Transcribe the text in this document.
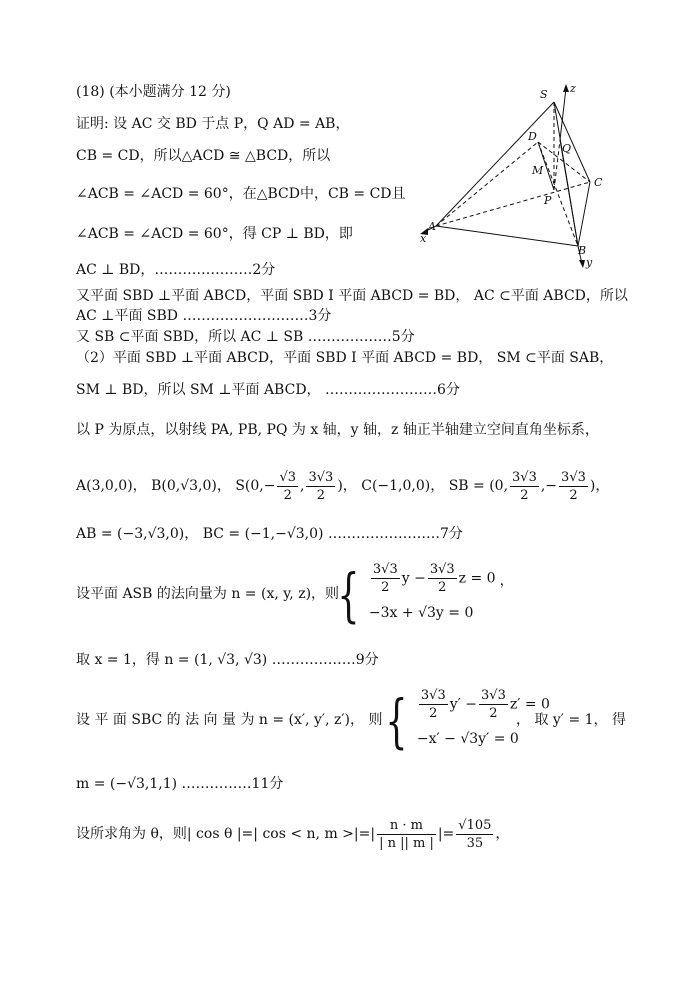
(18) (本小题满分 12 分)
证明: 设 AC 交 BD 于点 P，Q AD = AB，
CB = CD，所以△ACD ≅ △BCD，所以
∠ACB = ∠ACD = 60°，在△BCD中，CB = CD且
∠ACB = ∠ACD = 60°，得 CP ⊥ BD，即
AC ⊥ BD，…………………2分
又平面 SBD ⊥平面 ABCD，平面 SBD I 平面 ABCD = BD， AC ⊂平面 ABCD，所以
AC ⊥平面 SBD ………………………3分
又 SB ⊂平面 SBD，所以 AC ⊥ SB ………………5分
（2）平面 SBD ⊥平面 ABCD，平面 SBD I 平面 ABCD = BD， SM ⊂平面 SAB，
SM ⊥ BD，所以 SM ⊥平面 ABCD， ……………………6分
以 P 为原点，以射线 PA, PB, PQ 为 x 轴，y 轴，z 轴正半轴建立空间直角坐标系，
A(3,0,0)， B(0,√3,0)， $S(0,- \frac{√3}{2}$ , $\frac{3√3}{2}$ )， C(−1,0,0)， SB = (0, $\frac{3√3}{2}$ ,− $\frac{3√3}{2}$ )，
AB = (−3,√3,0)， BC = (−1,−√3,0) ……………………7分
设平面 ASB 的法向量为 n = (x, y, z)，则
{ $\frac{3√3}{2}$ $y - \frac{3√3}{2}$ z = 0
−3x + √3y = 0
，
取 x = 1，得 n = (1, √3, √3) ………………9分
设 平 面 SBC 的 法 向 量 为 n = (x′, y′, z′)， 则 { $\frac{3√3}{2} y' - \frac{3√3}{2} z' = 0$
−x′ − √3y′ = 0
， 取 y′ = 1， 得
m = (−√3,1,1) ……………11分
设所求角为 θ，则| cos θ |=| cos < n, m >|=| $\frac{n \cdot m}{| n || m |}$ |= $\frac{√105}{35}$ ，
S z
D
Q
M
C
P
A
x
B
y
